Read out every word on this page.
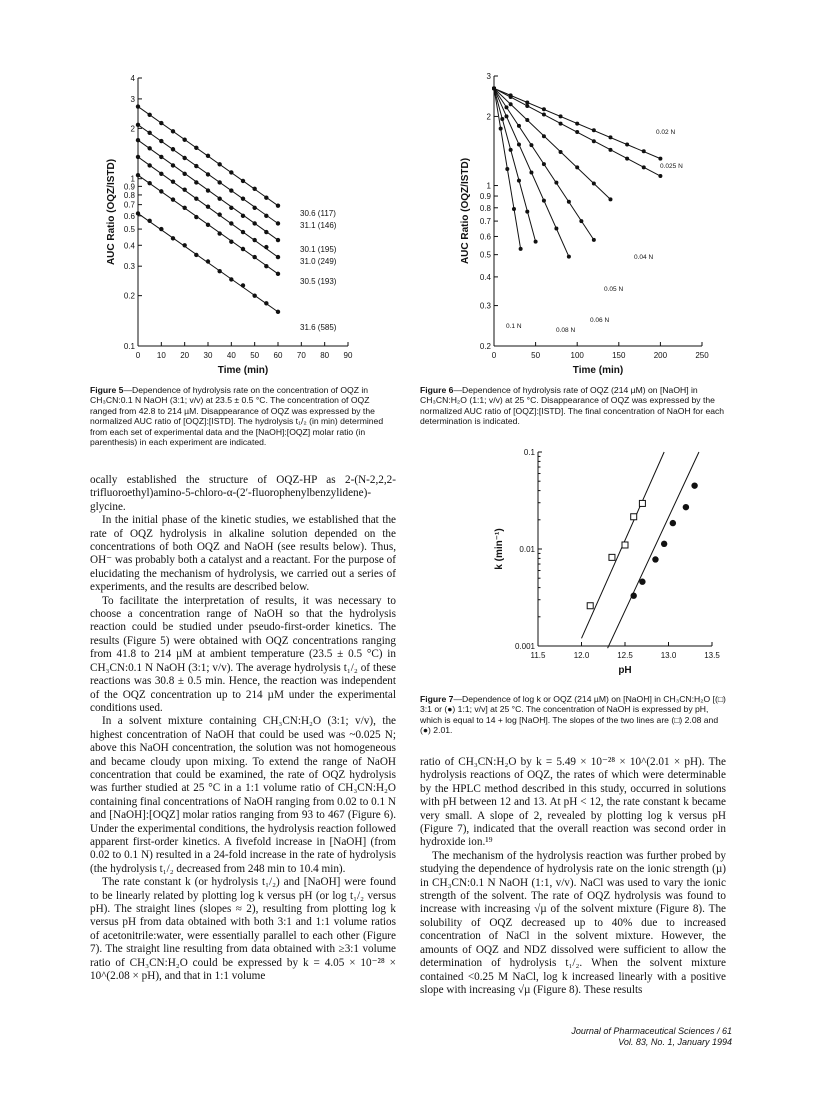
0 10 20 30 40 50 60 70 80 90
0.1
0.2
0.3
0.4
0.5
0.6
0.7
0.8
0.9
1
2
3
4
Time (min)
AUC Ratio (OQZ/ISTD)	30.6 (117)
31.1 (146)
30.1 (195)
31.0 (249)
30.5 (193)
31.6 (585)
Figure 5—Dependence of hydrolysis rate on the concentration of OQZ in CH₃CN:0.1 N NaOH (3:1; v/v) at 23.5 ± 0.5 °C. The concentration of OQZ ranged from 42.8 to 214 µM. Disappearance of OQZ was expressed by the normalized AUC ratio of [OQZ]:[ISTD]. The hydrolysis t₁/₂ (in min) determined from each set of experimental data and the [NaOH]:[OQZ] molar ratio (in parenthesis) in each experiment are indicated.
0	50	100	150	200	250
0.2
0.3
0.4
0.5
0.6
0.7
0.8
0.9
1
2
3
Time (min)
AUC Ratio (OQZ/ISTD)
0.02 N
0.025 N
0.04 N
0.05 N
0.06 N
0.08 N
0.1 N
Figure 6—Dependence of hydrolysis rate of OQZ (214 µM) on [NaOH] in CH₃CN:H₂O (1:1; v/v) at 25 °C. Disappearance of OQZ was expressed by the normalized AUC ratio of [OQZ]:[ISTD]. The final concentration of NaOH for each determination is indicated.
11.5	12.0	12.5	13.0	13.5
0.001
0.01
0.1
pH
k (min⁻¹)
Figure 7—Dependence of log k or OQZ (214 µM) on [NaOH] in CH₃CN:H₂O [(□) 3:1 or (●) 1:1; v/v] at 25 °C. The concentration of NaOH is expressed by pH, which is equal to 14 + log [NaOH]. The slopes of the two lines are (□) 2.08 and (●) 2.01.

ocally established the structure of OQZ-HP as 2-(N-2,2,2-trifluoroethyl)amino-5-chloro-α-(2′-fluorophenylbenzylidene)-glycine.

In the initial phase of the kinetic studies, we established that the rate of OQZ hydrolysis in alkaline solution depended on the concentrations of both OQZ and NaOH (see results below). Thus, OH⁻ was probably both a catalyst and a reactant. For the purpose of elucidating the mechanism of hydrolysis, we carried out a series of experiments, and the results are described below.

To facilitate the interpretation of results, it was necessary to choose a concentration range of NaOH so that the hydrolysis reaction could be studied under pseudo-first-order kinetics. The results (Figure 5) were obtained with OQZ concentrations ranging from 41.8 to 214 µM at ambient temperature (23.5 ± 0.5 °C) in CH₃CN:0.1 N NaOH (3:1; v/v). The average hydrolysis t₁/₂ of these reactions was 30.8 ± 0.5 min. Hence, the reaction was independent of the OQZ concentration up to 214 µM under the experimental conditions used.

In a solvent mixture containing CH₃CN:H₂O (3:1; v/v), the highest concentration of NaOH that could be used was ~0.025 N; above this NaOH concentration, the solution was not homogeneous and became cloudy upon mixing. To extend the range of NaOH concentration that could be examined, the rate of OQZ hydrolysis was further studied at 25 °C in a 1:1 volume ratio of CH₃CN:H₂O containing final concentrations of NaOH ranging from 0.02 to 0.1 N and [NaOH]:[OQZ] molar ratios ranging from 93 to 467 (Figure 6). Under the experimental conditions, the hydrolysis reaction followed apparent first-order kinetics. A fivefold increase in [NaOH] (from 0.02 to 0.1 N) resulted in a 24-fold increase in the rate of hydrolysis (the hydrolysis t₁/₂ decreased from 248 min to 10.4 min).

The rate constant k (or hydrolysis t₁/₂) and [NaOH] were found to be linearly related by plotting log k versus pH (or log t₁/₂ versus pH). The straight lines (slopes ≈ 2), resulting from plotting log k versus pH from data obtained with both 3:1 and 1:1 volume ratios of acetonitrile:water, were essentially parallel to each other (Figure 7). The straight line resulting from data obtained with ≥3:1 volume ratio of CH₃CN:H₂O could be expressed by k = 4.05 × 10⁻²⁸ × 10^(2.08 × pH), and that in 1:1 volume

ratio of CH₃CN:H₂O by k = 5.49 × 10⁻²⁸ × 10^(2.01 × pH). The hydrolysis reactions of OQZ, the rates of which were determinable by the HPLC method described in this study, occurred in solutions with pH between 12 and 13. At pH < 12, the rate constant k became very small. A slope of 2, revealed by plotting log k versus pH (Figure 7), indicated that the overall reaction was second order in hydroxide ion.¹⁹

The mechanism of the hydrolysis reaction was further probed by studying the dependence of hydrolysis rate on the ionic strength (µ) in CH₃CN:0.1 N NaOH (1:1, v/v). NaCl was used to vary the ionic strength of the solvent. The rate of OQZ hydrolysis was found to increase with increasing √µ of the solvent mixture (Figure 8). The solubility of OQZ decreased up to 40% due to increased concentration of NaCl in the solvent mixture. However, the amounts of OQZ and NDZ dissolved were sufficient to allow the determination of hydrolysis t₁/₂. When the solvent mixture contained <0.25 M NaCl, log k increased linearly with a positive slope with increasing √µ (Figure 8). These results

Journal of Pharmaceutical Sciences / 61
Vol. 83, No. 1, January 1994
